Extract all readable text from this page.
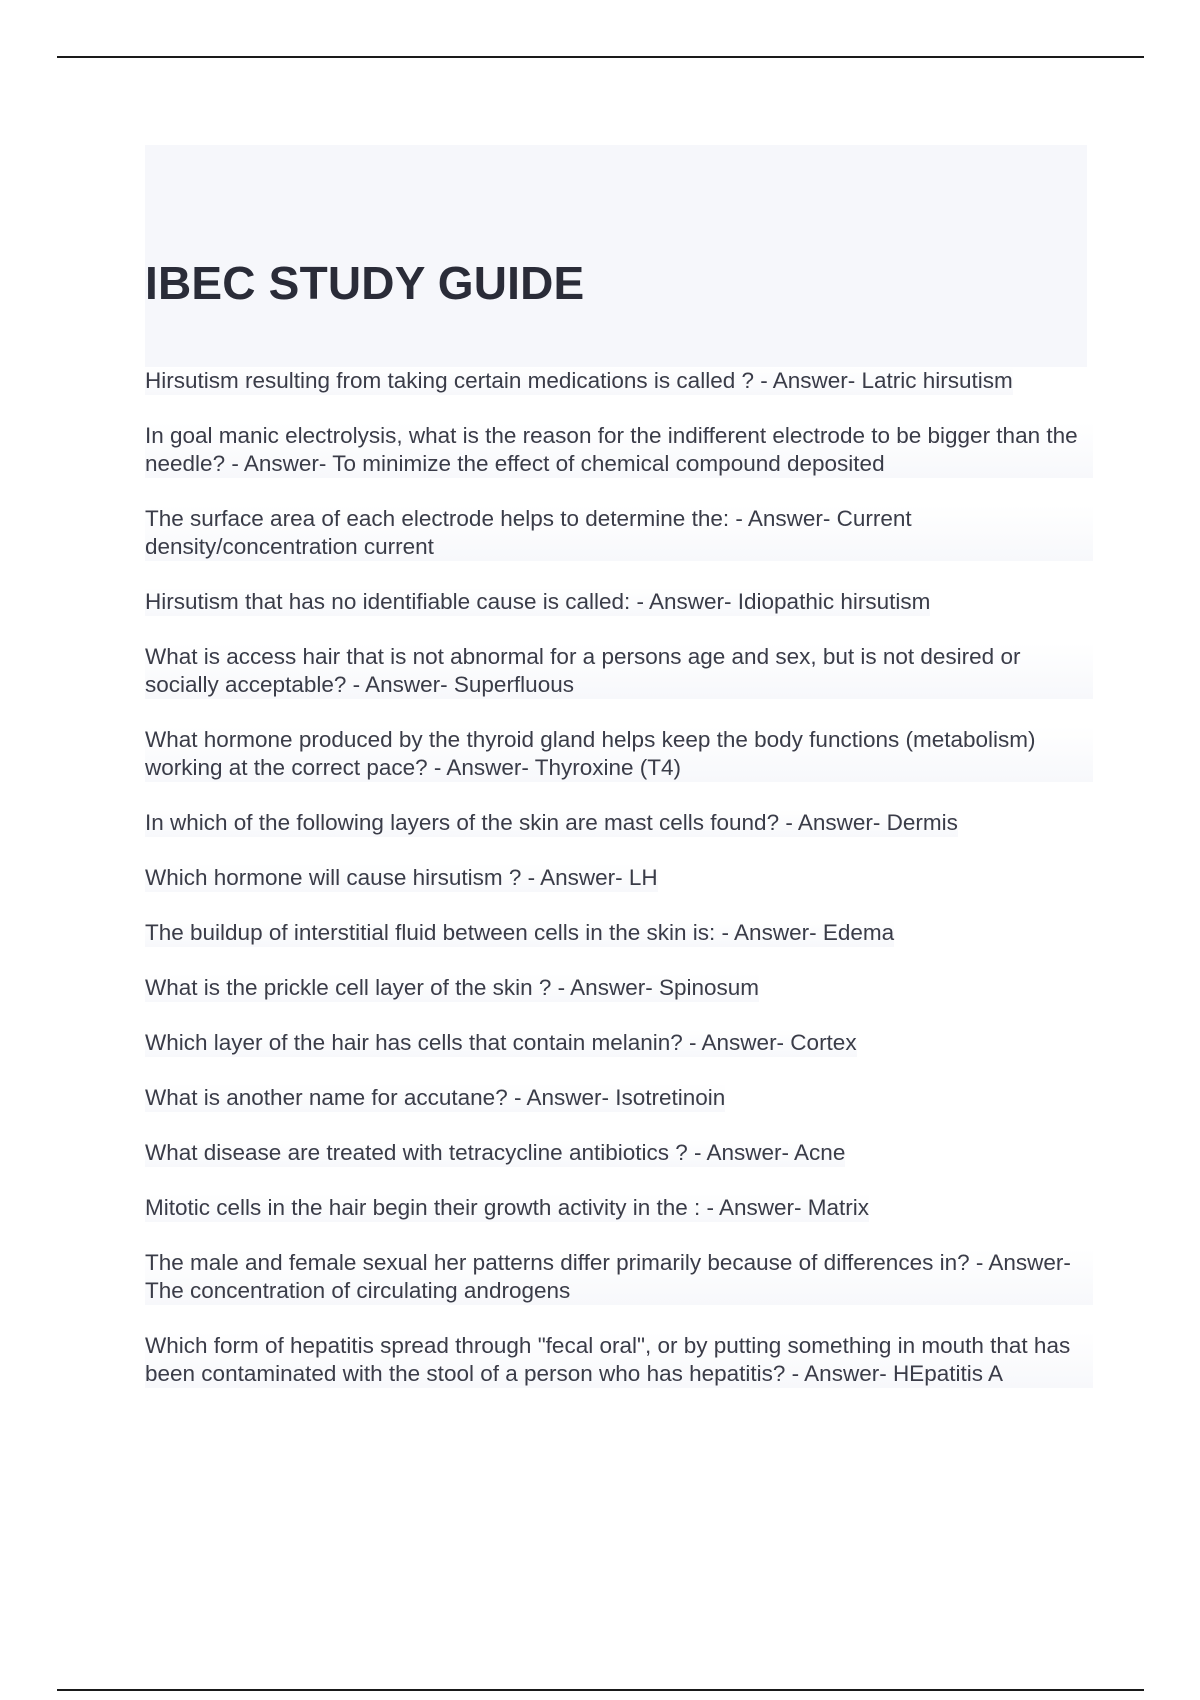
IBEC STUDY GUIDE

Hirsutism resulting from taking certain medications is called ? - Answer- Latric hirsutism

In goal manic electrolysis, what is the reason for the indifferent electrode to be bigger than the needle? - Answer- To minimize the effect of chemical compound deposited

The surface area of each electrode helps to determine the: - Answer- Current density/concentration current

Hirsutism that has no identifiable cause is called: - Answer- Idiopathic hirsutism

What is access hair that is not abnormal for a persons age and sex, but is not desired or socially acceptable? - Answer- Superfluous

What hormone produced by the thyroid gland helps keep the body functions (metabolism) working at the correct pace? - Answer- Thyroxine (T4)

In which of the following layers of the skin are mast cells found? - Answer- Dermis

Which hormone will cause hirsutism ? - Answer- LH

The buildup of interstitial fluid between cells in the skin is: - Answer- Edema

What is the prickle cell layer of the skin ? - Answer- Spinosum

Which layer of the hair has cells that contain melanin? - Answer- Cortex

What is another name for accutane? - Answer- Isotretinoin

What disease are treated with tetracycline antibiotics ? - Answer- Acne

Mitotic cells in the hair begin their growth activity in the : - Answer- Matrix

The male and female sexual her patterns differ primarily because of differences in? - Answer- The concentration of circulating androgens

Which form of hepatitis spread through "fecal oral", or by putting something in mouth that has been contaminated with the stool of a person who has hepatitis? - Answer- HEpatitis A
